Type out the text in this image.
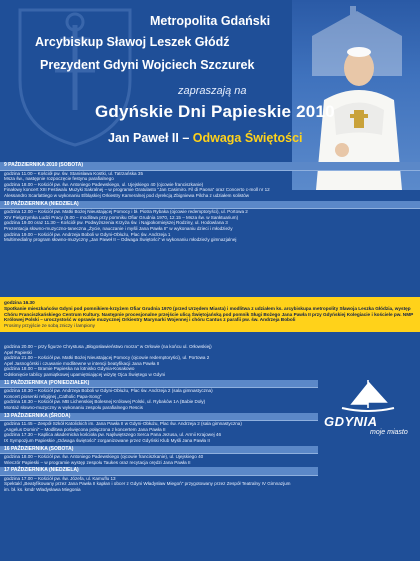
Metropolita Gdański
Arcybiskup Sławoj Leszek Głódź
Prezydent Gdyni Wojciech Szczurek
zapraszają na
Gdyńskie Dni Papieskie 2010
Jan Paweł II – Odwaga Świętości
9 PAŹDZIERNIKA 2010 (SOBOTA)
godzina 11.00 – Kościół pw. św. Stanisława Kostki, ul. Tatrzańska 35
Msza św., następnie rozpoczęcie festynu parafialnego
godzina 18.00 – Kościół pw. św. Antoniego Padewskiego, ul. Ujejskiego 40 (ojcowie franciszkanie)
Finałowy koncert XIII Festiwalu Muzyki Sakralnej – w programie Gratulasto "Jan Casimiro. Fil di Paona" oraz Concerto c-moll nr 12
Alessandro Scarlattiego w wykonaniu Elbląskiej Orkiestry Kameralnej pod dyrekcją Zbigniewa Pilcha z udziałem solistów
10 PAŹDZIERNIKA (NIEDZIELA)
godzina 12.00 – Kościół pw. Matki Bożej Nieustającej Pomocy i bł. Piotra Rybaka (ojcowie redemptoryści), ul. Portowa 2
XIV Pielgrzymka Ludzi Pracy (9.00 – modlitwa przy pomniku Ofiar Grudnia 1970, 12.15 – Msza św. w Sanktuarium)
godzina 19.00 oraz 11.30 – Kościół pw. Podwyższenia Krzyża św. i Najpokorniejszej Rodziny, ul. Hodowlana 3
Prezentacja słowno-muzyczno-taneczna „Życie, nauczanie i myśli Jana Pawła II" w wykonaniu dzieci i młodzieży
godzina 19.00 – Kościół pw. Andrzeja Boboli w Gdyni-Obłużu, Plac św. Andrzeja 1
Multimedialny program słowno-muzyczny „Jan Paweł II – Odwaga Świętości" w wykonaniu młodzieży gimnazjalnej
godzina 16.30
Spotkanie mieszkańców Gdyni pod pomnikiem-krzyżem Ofiar Grudnia 1970 (przed Urzędem Miasta) i modlitwa z udziałem ks. arcybiskupa metropolity Sławoja Leszka Głódzia, występ Chóru Franciszkańskiego Centrum Kultury. Następnie procesjonalne przejście ulicą Świętojańską pod pomnik Sługi Bożego Jana Pawła II przy Gdyńskiej Kolegiacie i kościele pw. NMP Królowej Polski – uroczystość w oprawie muzycznej Orkiestry Marynarki Wojennej i chóru Cantus z parafii pw. św. Andrzeja Boboli
Prosimy przyjście ze sobą zniczy i lampiony
godzina 20.00 – przy figurze Chrystusa „Błogosławieństwo morza" w Orłowie (na końcu ul. Orłowskiej)
Apel Papieski
godzina 21.00 – Kościół pw. Matki Bożej Nieustającej Pomocy (ojcowie redemptoryści), ul. Portowa 2
Apel Jasnogórski i czuwanie modlitewne w intencji beatyfikacji Jana Pawła II
godzina 18.00 – Bramie Papieska na lotnisko Gdynia-Kosakowo
Odsłonięcie tablicy pamiątkowej upamiętniającej wizytę Ojca Świętego w Gdyni
11 PAŹDZIERNIKA (PONIEDZIAŁEK)
godzina 18.30 – Kościół pw. Andrzeja Boboli w Gdyni-Obłużu, Plac św. Andrzeja 2 (sala gimnastyczna)
Koncert piosenki religijnej „Catholic Papa-Song"
godzina 18.30 – Kościół pw. MB Lichenskiej Bolesnej Królowej Polski, ul. Rybaków 1A (Babie Doły)
Montaż słowno-muzyczny w wykonaniu zespołu parafialnego Rescis
13 PAŹDZIERNIKA (ŚRODA)
godzina 11.45 – Zespół Szkół Katolickich im. Jana Pawła II w Gdyni-Obłużu, Plac św. Andrzeja 2 (sala gimnastyczna)
„Angelus Domini" – Modlitwa poświęcona połączona z koncertem Jana Pawła II
godzina 17.30 – Kaplica akademicka kościoła pw. Najświętszego Serca Pana Jezusa, ul. Armii Krajowej 46
IX Sympozjum Papieskie „Odwaga świętości" zorganizowane przez Gdyński Klub Myśli Jana Pawła II
16 PAŹDZIERNIKA (SOBOTA)
godzina 18.00 – Kościół pw. św. Antoniego Padewskiego (ojcowie franciszkanie), ul. Ujejskiego 40
Wieczór Papieski – w programie występ zespołu Taukes oraz recytacja orędzi Jana Pawła II
17 PAŹDZIERNIKA (NIEDZIELA)
godzina 17.00 – Kościół pw. św. Józefa, ul. Kamuflu 13
Spektakl „Beatyfikowany przez Jana Pawła II kapłan i obcer z Gdyni Władysław Miegoń" przygotowany przez Zespół Teatralny IV Gimnazjum
im. bł. ks. kmdr Władysława Miegonia
GDYNIA
moje miasto
